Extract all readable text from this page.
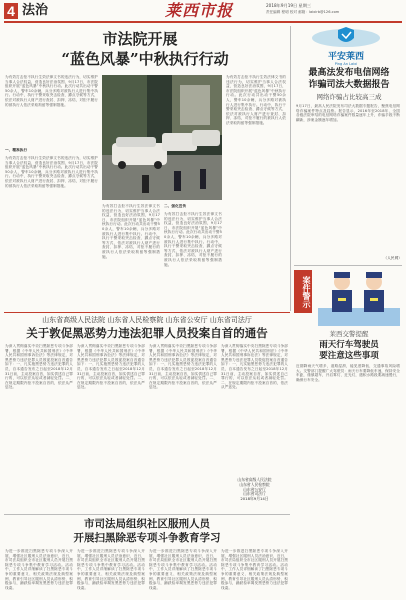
4 法治	莱西市报	2018年9月19日 星期三
责任编辑 程明 校对 邮箱：laixirb@126.com
市法院开展
“蓝色风暴”中秋执行行动
为有效打击拒不执行生效法律文书的违法行为，切实维护当事人合法权益，营造良好法治氛围，9月17日，市法院组织开展“蓝色风暴”中秋执行行动。此次行动共出动干警50余人，警车10余辆，兵分多路对被执行人进行集中执行。行动中，执行干警采取突击检查、蹲点守候等方式，依法对被执行人财产进行查封、扣押、冻结，对拒不履行的被执行人依法采取拘留等强制措施。
一、精准执行
为有效打击拒不执行生效法律文书的违法行为，切实维护当事人合法权益，营造良好法治氛围，9月17日，市法院组织开展“蓝色风暴”中秋执行行动。此次行动共出动干警50余人，警车10余辆，兵分多路对被执行人进行集中执行。行动中，执行干警采取突击检查、蹲点守候等方式，依法对被执行人财产进行查封、扣押、冻结，对拒不履行的被执行人依法采取拘留等强制措施。
为有效打击拒不执行生效法律文书的违法行为，切实维护当事人合法权益，营造良好法治氛围，9月17日，市法院组织开展“蓝色风暴”中秋执行行动。此次行动共出动干警50余人，警车10余辆，兵分多路对被执行人进行集中执行。行动中，执行干警采取突击检查、蹲点守候等方式，依法对被执行人财产进行查封、扣押、冻结，对拒不履行的被执行人依法采取拘留等强制措施。
二、强化宣传
为有效打击拒不执行生效法律文书的违法行为，切实维护当事人合法权益，营造良好法治氛围，9月17日，市法院组织开展“蓝色风暴”中秋执行行动。此次行动共出动干警50余人，警车10余辆，兵分多路对被执行人进行集中执行。行动中，执行干警采取突击检查、蹲点守候等方式，依法对被执行人财产进行查封、扣押、冻结，对拒不履行的被执行人依法采取拘留等强制措施。
为有效打击拒不执行生效法律文书的违法行为，切实维护当事人合法权益，营造良好法治氛围，9月17日，市法院组织开展“蓝色风暴”中秋执行行动。此次行动共出动干警50余人，警车10余辆，兵分多路对被执行人进行集中执行。行动中，执行干警采取突击检查、蹲点守候等方式，依法对被执行人财产进行查封、扣押、冻结，对拒不履行的被执行人依法采取拘留等强制措施。
平安莱西
Ping An Laixi
最高法发布电信网络
诈骗司法大数据报告
网络诈骗占比较高三成
9月17日，最高人民法院发布司法大数据专题报告，聚焦电信网络诈骗案件特点及趋势。报告显示，2016年至2018年，全国各级法院审结的电信网络诈骗案件数量逐年上升，诈骗手段不断翻新，涉案金额逐年增加。
（人民网）
案件警示
莱西交警提醒
雨天行车驾驶员
要注意这些事项
近期降雨天气增多，道路湿滑，能见度降低，交通事故风险增大。交警部门提醒广大驾驶员：雨天行车要降低车速，保持安全车距，谨慎超车，开启雾灯、近光灯，遇积水路段要减速慢行，确保行车安全。
山东省高级人民法院 山东省人民检察院 山东省公安厅 山东省司法厅
关于敦促黑恶势力违法犯罪人员投案自首的通告
为深入贯彻落实中央扫黑除恶专项斗争部署，根据《中华人民共和国刑法》《中华人民共和国刑事诉讼法》等法律规定，对黑恶势力违法犯罪人员敦促投案自首通告如下：一、凡实施黑恶势力违法犯罪的人员，自本通告发布之日起至2018年12月31日前，主动投案自首，如实供述自己罪行的，可以依法从轻或者减轻处罚。二、在规定期限内拒不投案自首的，依法从严惩处。
为深入贯彻落实中央扫黑除恶专项斗争部署，根据《中华人民共和国刑法》《中华人民共和国刑事诉讼法》等法律规定，对黑恶势力违法犯罪人员敦促投案自首通告如下：一、凡实施黑恶势力违法犯罪的人员，自本通告发布之日起至2018年12月31日前，主动投案自首，如实供述自己罪行的，可以依法从轻或者减轻处罚。二、在规定期限内拒不投案自首的，依法从严惩处。
为深入贯彻落实中央扫黑除恶专项斗争部署，根据《中华人民共和国刑法》《中华人民共和国刑事诉讼法》等法律规定，对黑恶势力违法犯罪人员敦促投案自首通告如下：一、凡实施黑恶势力违法犯罪的人员，自本通告发布之日起至2018年12月31日前，主动投案自首，如实供述自己罪行的，可以依法从轻或者减轻处罚。二、在规定期限内拒不投案自首的，依法从严惩处。
为深入贯彻落实中央扫黑除恶专项斗争部署，根据《中华人民共和国刑法》《中华人民共和国刑事诉讼法》等法律规定，对黑恶势力违法犯罪人员敦促投案自首通告如下：一、凡实施黑恶势力违法犯罪的人员，自本通告发布之日起至2018年12月31日前，主动投案自首，如实供述自己罪行的，可以依法从轻或者减轻处罚。二、在规定期限内拒不投案自首的，依法从严惩处。
山东省高级人民法院
山东省人民检察院
山东省公安厅
山东省司法厅
2018年9月14日
市司法局组织社区服刑人员
开展扫黑除恶专项斗争教育学习
为进一步推进扫黑除恶专项斗争深入开展，增强社区服刑人员法治意识，近日，市司法局组织全市社区服刑人员开展扫黑除恶专项斗争集中教育学习活动。活动中，工作人员详细解读了扫黑除恶专项斗争的重要意义、相关政策法规及典型案例，教育引导社区服刑人员认清形势，积极参与，踊跃检举揭发黑恶势力违法犯罪线索。
为进一步推进扫黑除恶专项斗争深入开展，增强社区服刑人员法治意识，近日，市司法局组织全市社区服刑人员开展扫黑除恶专项斗争集中教育学习活动。活动中，工作人员详细解读了扫黑除恶专项斗争的重要意义、相关政策法规及典型案例，教育引导社区服刑人员认清形势，积极参与，踊跃检举揭发黑恶势力违法犯罪线索。
为进一步推进扫黑除恶专项斗争深入开展，增强社区服刑人员法治意识，近日，市司法局组织全市社区服刑人员开展扫黑除恶专项斗争集中教育学习活动。活动中，工作人员详细解读了扫黑除恶专项斗争的重要意义、相关政策法规及典型案例，教育引导社区服刑人员认清形势，积极参与，踊跃检举揭发黑恶势力违法犯罪线索。
为进一步推进扫黑除恶专项斗争深入开展，增强社区服刑人员法治意识，近日，市司法局组织全市社区服刑人员开展扫黑除恶专项斗争集中教育学习活动。活动中，工作人员详细解读了扫黑除恶专项斗争的重要意义、相关政策法规及典型案例，教育引导社区服刑人员认清形势，积极参与，踊跃检举揭发黑恶势力违法犯罪线索。
